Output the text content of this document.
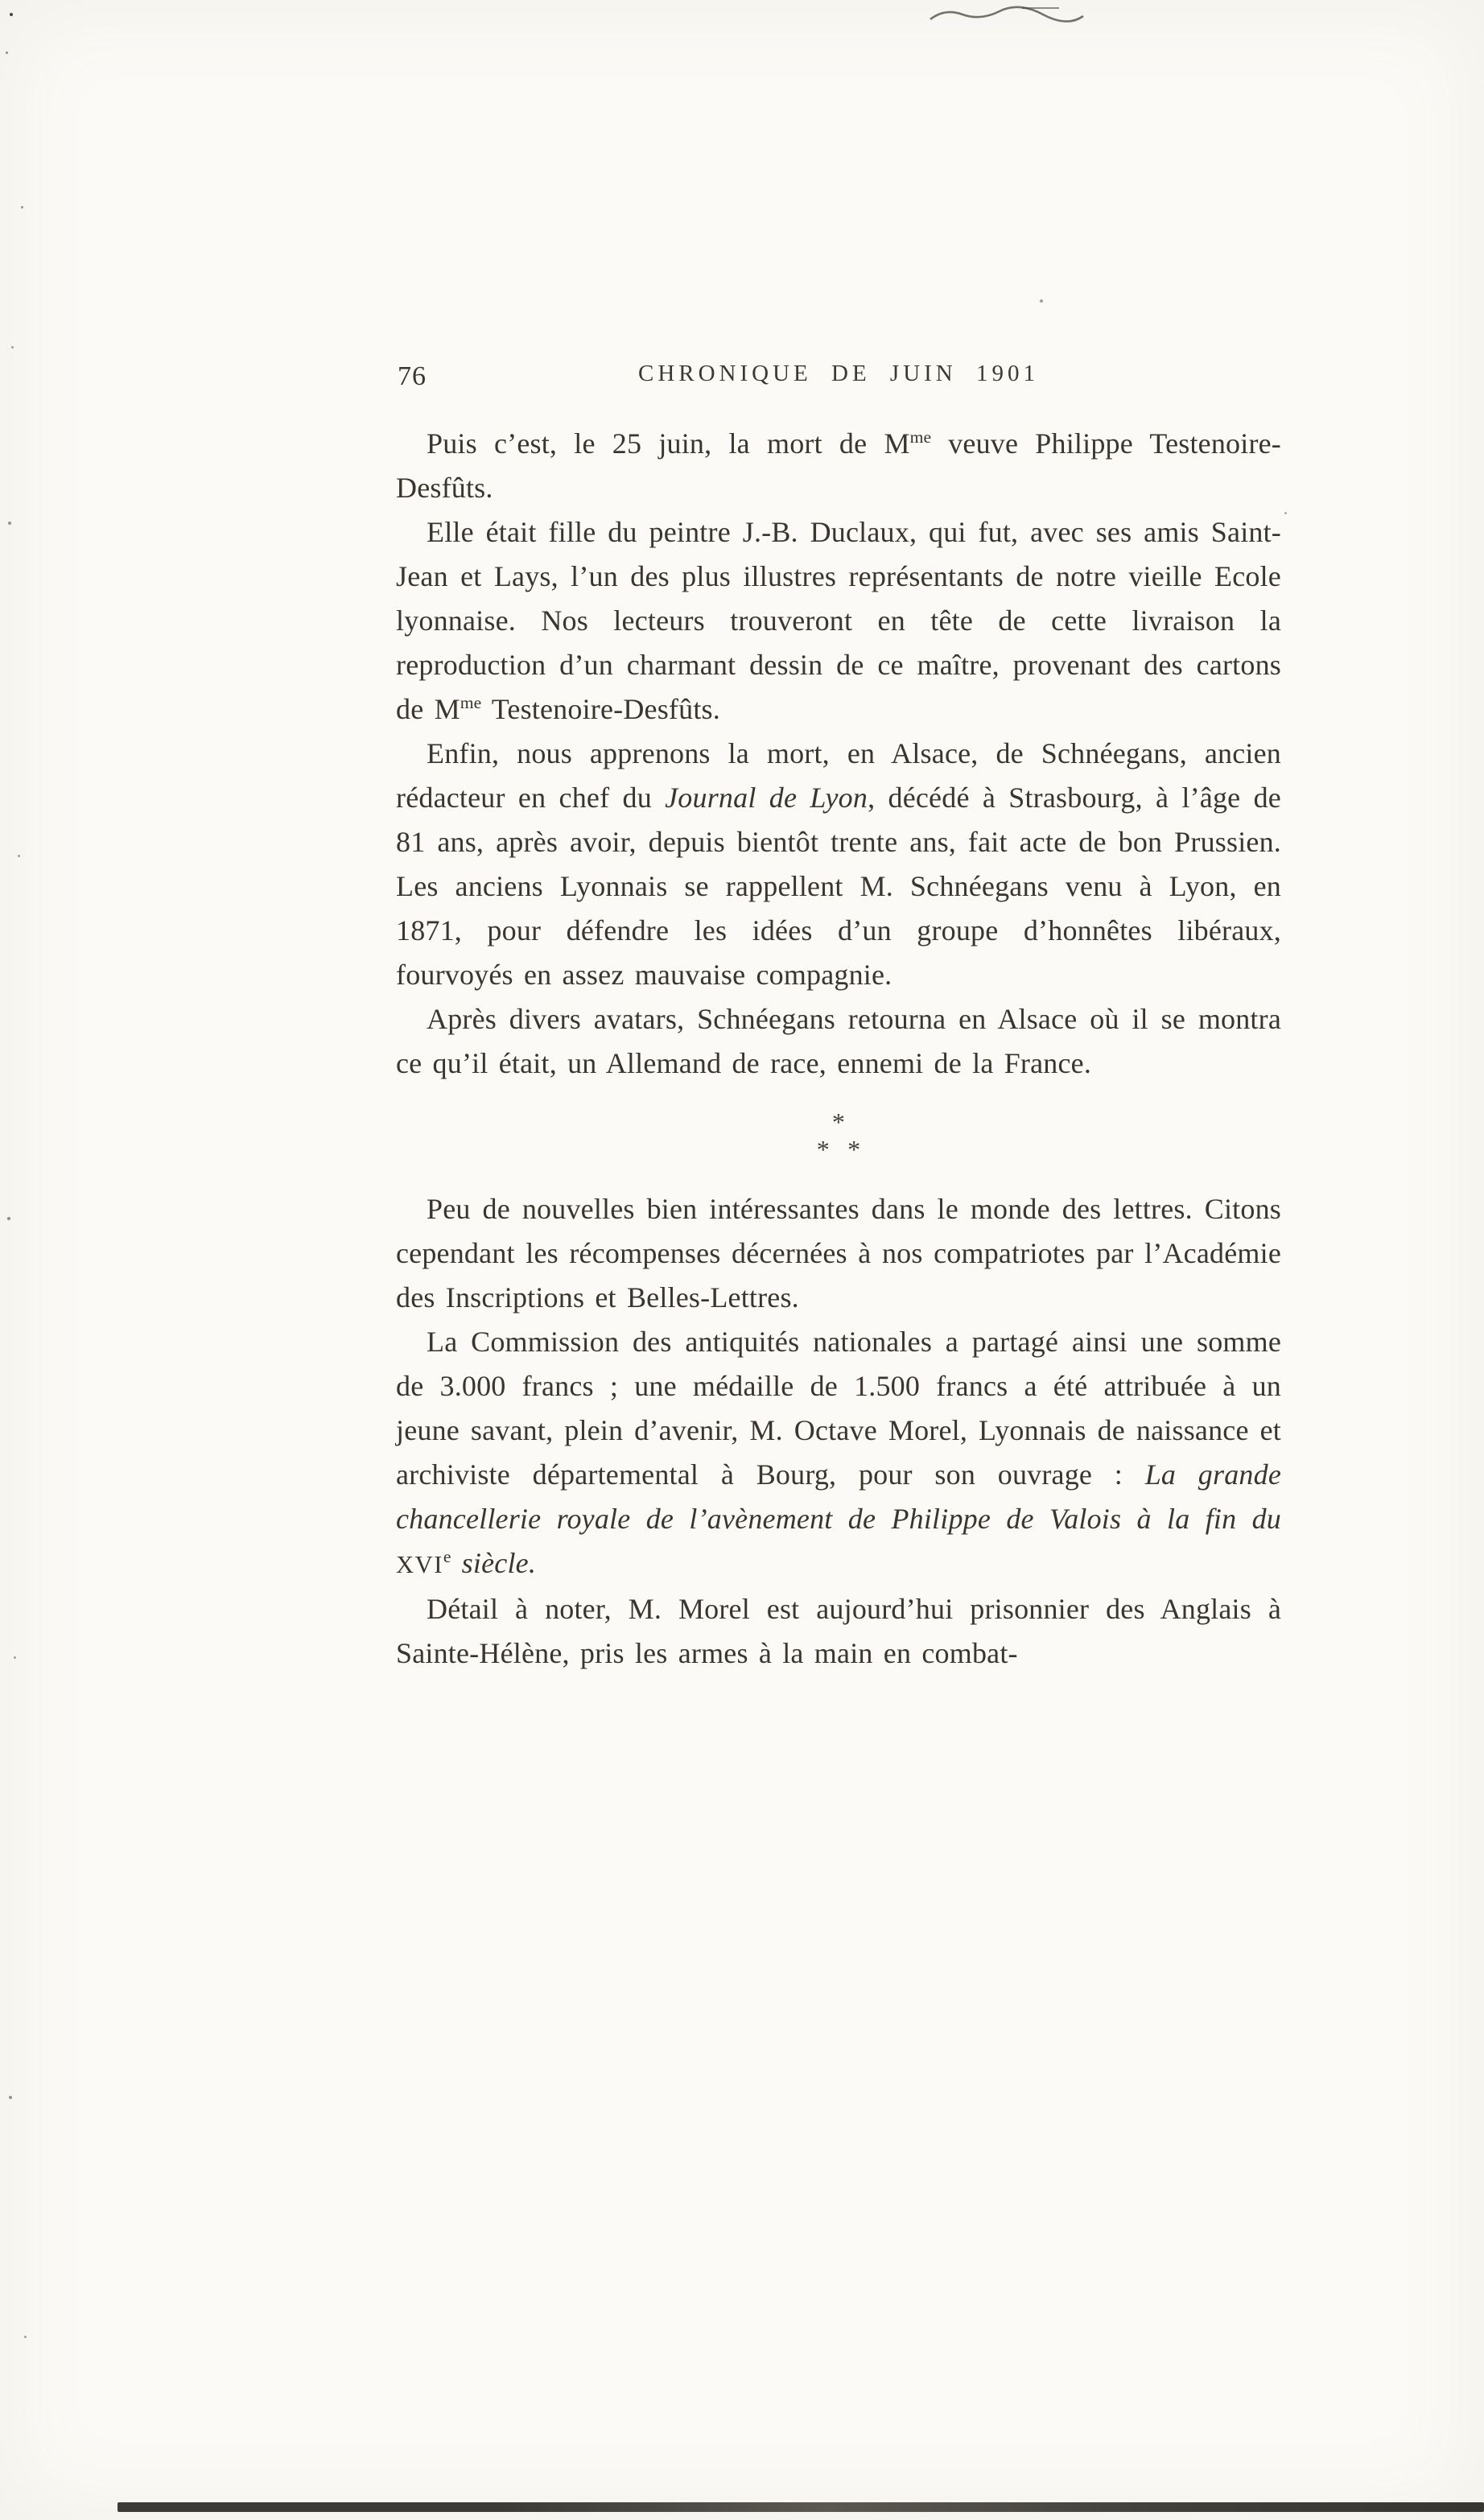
76	CHRONIQUE DE JUIN 1901

Puis c’est, le 25 juin, la mort de $M^{me}$ veuve Philippe Testenoire-Desfûts.

Elle était fille du peintre J.-B. Duclaux, qui fut, avec ses amis Saint-Jean et Lays, l’un des plus illustres représentants de notre vieille Ecole lyonnaise. Nos lecteurs trouveront en tête de cette livraison la reproduction d’un charmant dessin de ce maître, provenant des cartons de $M^{me}$ Testenoire-Desfûts.

Enfin, nous apprenons la mort, en Alsace, de Schnéegans, ancien rédacteur en chef du Journal de Lyon, décédé à Strasbourg, à l’âge de 81 ans, après avoir, depuis bientôt trente ans, fait acte de bon Prussien. Les anciens Lyonnais se rappellent M. Schnéegans venu à Lyon, en 1871, pour défendre les idées d’un groupe d’honnêtes libéraux, fourvoyés en assez mauvaise compagnie.

Après divers avatars, Schnéegans retourna en Alsace où il se montra ce qu’il était, un Allemand de race, ennemi de la France.

*
* *

Peu de nouvelles bien intéressantes dans le monde des lettres. Citons cependant les récompenses décernées à nos compatriotes par l’Académie des Inscriptions et Belles-Lettres.

La Commission des antiquités nationales a partagé ainsi une somme de 3.000 francs ; une médaille de 1.500 francs a été attribuée à un jeune savant, plein d’avenir, M. Octave Morel, Lyonnais de naissance et archiviste départemental à Bourg, pour son ouvrage : La grande chancellerie royale de l’avènement de Philippe de Valois à la fin du XVIe siècle.

Détail à noter, M. Morel est aujourd’hui prisonnier des Anglais à Sainte-Hélène, pris les armes à la main en combat-
